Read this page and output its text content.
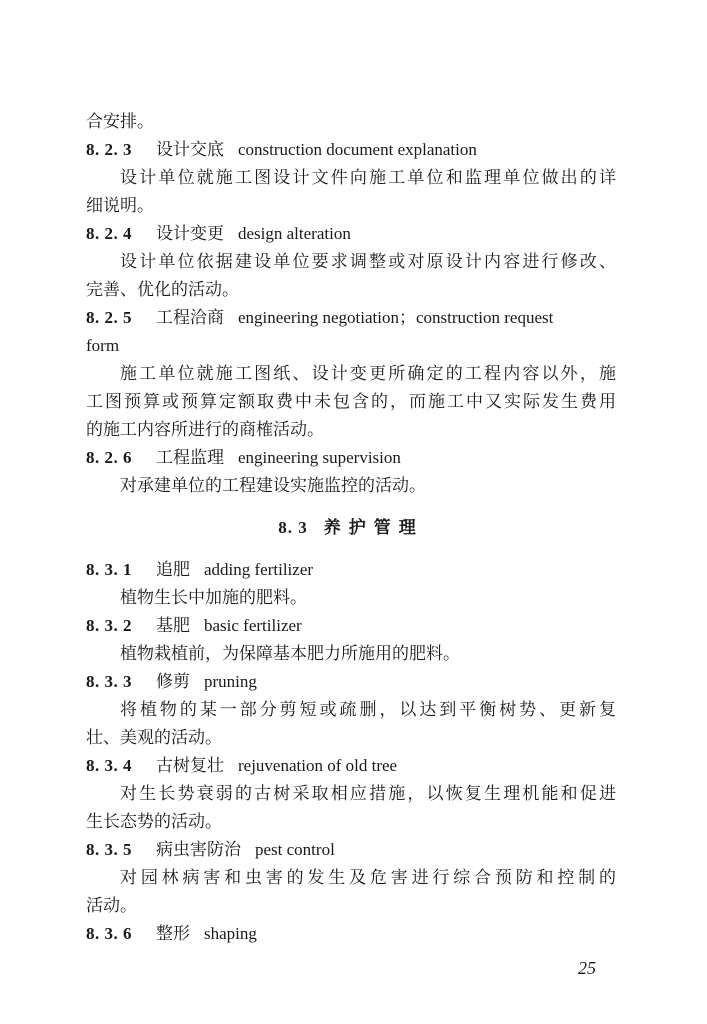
合安排。
8. 2. 3 设计交底 construction document explanation
设计单位就施工图设计文件向施工单位和监理单位做出的详
细说明。
8. 2. 4 设计变更 design alteration
设计单位依据建设单位要求调整或对原设计内容进行修改、
完善、优化的活动。
8. 2. 5 工程洽商 engineering negotiation；construction request
form
施工单位就施工图纸、设计变更所确定的工程内容以外，施
工图预算或预算定额取费中未包含的，而施工中又实际发生费用
的施工内容所进行的商榷活动。
8. 2. 6 工程监理 engineering supervision
对承建单位的工程建设实施监控的活动。
8. 3 养护管理
8. 3. 1 追肥 adding fertilizer
植物生长中加施的肥料。
8. 3. 2 基肥 basic fertilizer
植物栽植前，为保障基本肥力所施用的肥料。
8. 3. 3 修剪 pruning
将植物的某一部分剪短或疏删，以达到平衡树势、更新复
壮、美观的活动。
8. 3. 4 古树复壮 rejuvenation of old tree
对生长势衰弱的古树采取相应措施，以恢复生理机能和促进
生长态势的活动。
8. 3. 5 病虫害防治 pest control
对园林病害和虫害的发生及危害进行综合预防和控制的
活动。
8. 3. 6 整形 shaping
25
